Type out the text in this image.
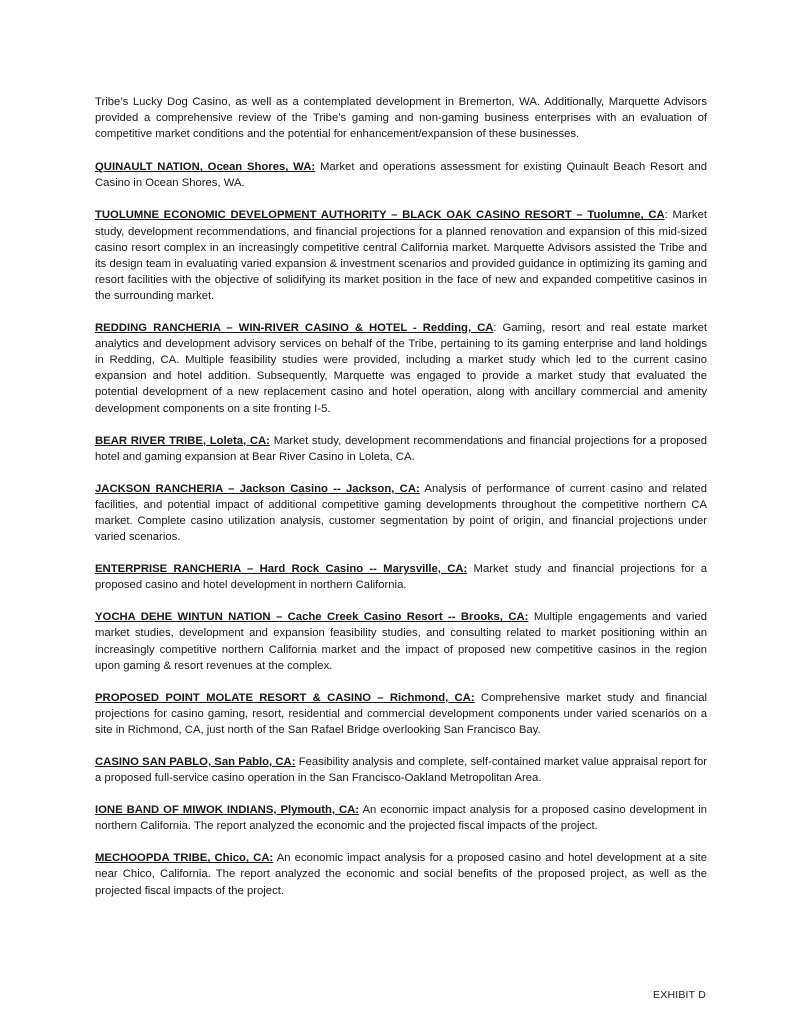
Tribe’s Lucky Dog Casino, as well as a contemplated development in Bremerton, WA. Additionally, Marquette Advisors provided a comprehensive review of the Tribe’s gaming and non-gaming business enterprises with an evaluation of competitive market conditions and the potential for enhancement/expansion of these businesses.

QUINAULT NATION, Ocean Shores, WA: Market and operations assessment for existing Quinault Beach Resort and Casino in Ocean Shores, WA.

TUOLUMNE ECONOMIC DEVELOPMENT AUTHORITY – BLACK OAK CASINO RESORT – Tuolumne, CA: Market study, development recommendations, and financial projections for a planned renovation and expansion of this mid-sized casino resort complex in an increasingly competitive central California market. Marquette Advisors assisted the Tribe and its design team in evaluating varied expansion & investment scenarios and provided guidance in optimizing its gaming and resort facilities with the objective of solidifying its market position in the face of new and expanded competitive casinos in the surrounding market.

REDDING RANCHERIA – WIN-RIVER CASINO & HOTEL - Redding, CA: Gaming, resort and real estate market analytics and development advisory services on behalf of the Tribe, pertaining to its gaming enterprise and land holdings in Redding, CA. Multiple feasibility studies were provided, including a market study which led to the current casino expansion and hotel addition. Subsequently, Marquette was engaged to provide a market study that evaluated the potential development of a new replacement casino and hotel operation, along with ancillary commercial and amenity development components on a site fronting I-5.

BEAR RIVER TRIBE, Loleta, CA: Market study, development recommendations and financial projections for a proposed hotel and gaming expansion at Bear River Casino in Loleta, CA.

JACKSON RANCHERIA – Jackson Casino -- Jackson, CA: Analysis of performance of current casino and related facilities, and potential impact of additional competitive gaming developments throughout the competitive northern CA market. Complete casino utilization analysis, customer segmentation by point of origin, and financial projections under varied scenarios.

ENTERPRISE RANCHERIA – Hard Rock Casino -- Marysville, CA: Market study and financial projections for a proposed casino and hotel development in northern California.

YOCHA DEHE WINTUN NATION – Cache Creek Casino Resort -- Brooks, CA: Multiple engagements and varied market studies, development and expansion feasibility studies, and consulting related to market positioning within an increasingly competitive northern California market and the impact of proposed new competitive casinos in the region upon gaming & resort revenues at the complex.

PROPOSED POINT MOLATE RESORT & CASINO – Richmond, CA: Comprehensive market study and financial projections for casino gaming, resort, residential and commercial development components under varied scenarios on a site in Richmond, CA, just north of the San Rafael Bridge overlooking San Francisco Bay.

CASINO SAN PABLO, San Pablo, CA: Feasibility analysis and complete, self-contained market value appraisal report for a proposed full-service casino operation in the San Francisco-Oakland Metropolitan Area.

IONE BAND OF MIWOK INDIANS, Plymouth, CA: An economic impact analysis for a proposed casino development in northern California. The report analyzed the economic and the projected fiscal impacts of the project.

MECHOOPDA TRIBE, Chico, CA: An economic impact analysis for a proposed casino and hotel development at a site near Chico, California. The report analyzed the economic and social benefits of the proposed project, as well as the projected fiscal impacts of the project.

EXHIBIT D
